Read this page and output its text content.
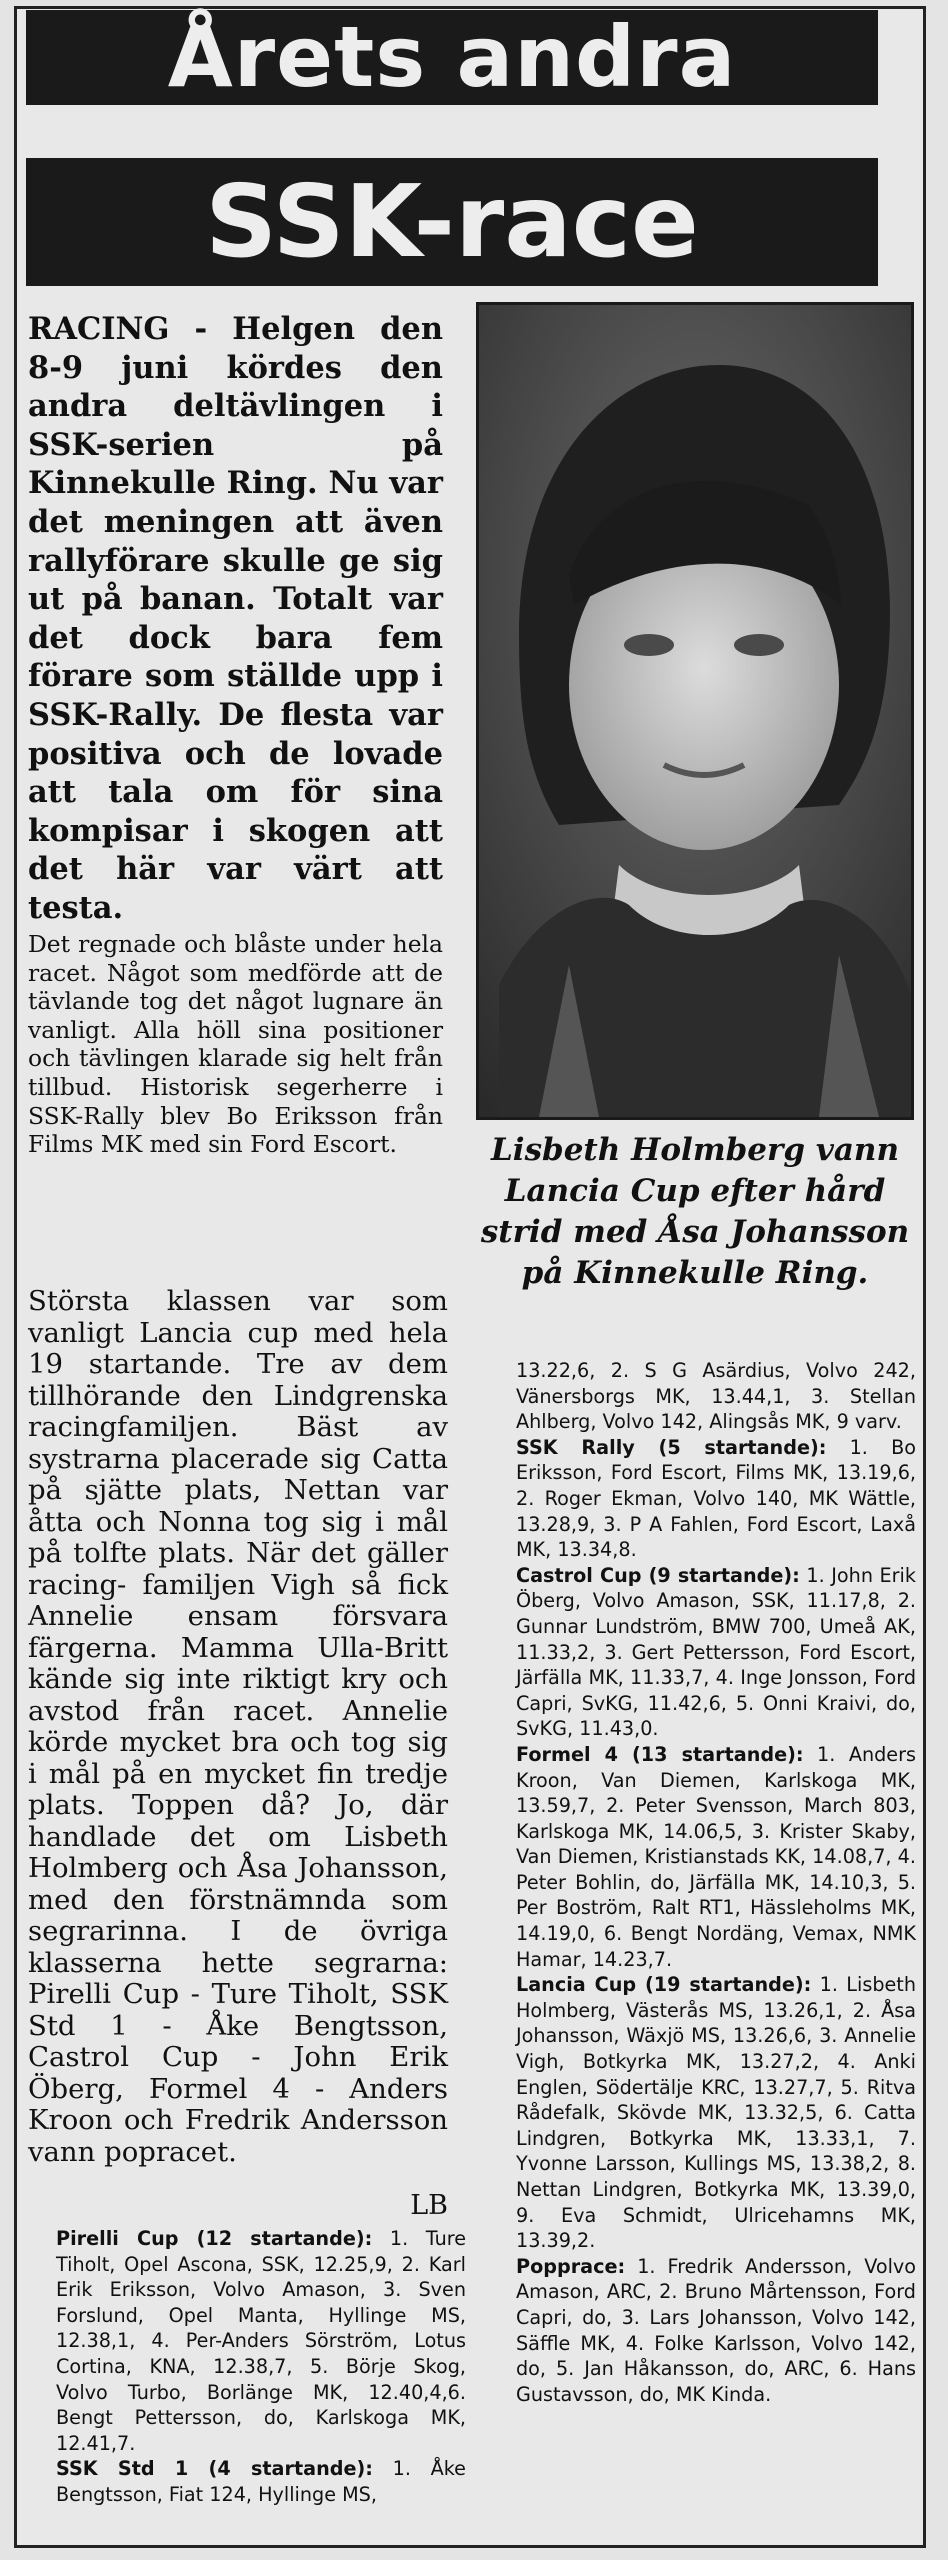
Årets andra
SSK-race

RACING - Helgen den 8-9 juni kördes den andra deltävlingen i SSK-serien på Kinnekulle Ring. Nu var det meningen att även rallyförare skulle ge sig ut på banan. Totalt var det dock bara fem förare som ställde upp i SSK-Rally. De flesta var positiva och de lovade att tala om för sina kompisar i skogen att det här var värt att testa.

Det regnade och blåste under hela racet. Något som medförde att de tävlande tog det något lugnare än vanligt. Alla höll sina positioner och tävlingen klarade sig helt från tillbud. Historisk segerherre i SSK-Rally blev Bo Eriksson från Films MK med sin Ford Escort.

Största klassen var som vanligt Lancia cup med hela 19 startande. Tre av dem tillhörande den Lindgrenska racingfamiljen. Bäst av systrarna placerade sig Catta på sjätte plats, Nettan var åtta och Nonna tog sig i mål på tolfte plats. När det gäller racing- familjen Vigh så fick Annelie ensam försvara färgerna. Mamma Ulla-Britt kände sig inte riktigt kry och avstod från racet. Annelie körde mycket bra och tog sig i mål på en mycket fin tredje plats. Toppen då? Jo, där handlade det om Lisbeth Holmberg och Åsa Johansson, med den förstnämnda som segrarinna. I de övriga klasserna hette segrarna: Pirelli Cup - Ture Tiholt, SSK Std 1 - Åke Bengtsson, Castrol Cup - John Erik Öberg, Formel 4 - Anders Kroon och Fredrik Andersson vann popracet.

LB

Lisbeth Holmberg vann Lancia Cup efter hård strid med Åsa Johansson på Kinnekulle Ring.

Pirelli Cup (12 startande): 1. Ture Tiholt, Opel Ascona, SSK, 12.25,9, 2. Karl Erik Eriksson, Volvo Amason, 3. Sven Forslund, Opel Manta, Hyllinge MS, 12.38,1, 4. Per-Anders Sörström, Lotus Cortina, KNA, 12.38,7, 5. Börje Skog, Volvo Turbo, Borlänge MK, 12.40,4,6. Bengt Pettersson, do, Karlskoga MK, 12.41,7.
SSK Std 1 (4 startande): 1. Åke Bengtsson, Fiat 124, Hyllinge MS,
13.22,6, 2. S G Asärdius, Volvo 242, Vänersborgs MK, 13.44,1, 3. Stellan Ahlberg, Volvo 142, Alingsås MK, 9 varv.
SSK Rally (5 startande): 1. Bo Eriksson, Ford Escort, Films MK, 13.19,6, 2. Roger Ekman, Volvo 140, MK Wättle, 13.28,9, 3. P A Fahlen, Ford Escort, Laxå MK, 13.34,8.
Castrol Cup (9 startande): 1. John Erik Öberg, Volvo Amason, SSK, 11.17,8, 2. Gunnar Lundström, BMW 700, Umeå AK, 11.33,2, 3. Gert Pettersson, Ford Escort, Järfälla MK, 11.33,7, 4. Inge Jonsson, Ford Capri, SvKG, 11.42,6, 5. Onni Kraivi, do, SvKG, 11.43,0.
Formel 4 (13 startande): 1. Anders Kroon, Van Diemen, Karlskoga MK, 13.59,7, 2. Peter Svensson, March 803, Karlskoga MK, 14.06,5, 3. Krister Skaby, Van Diemen, Kristianstads KK, 14.08,7, 4. Peter Bohlin, do, Järfälla MK, 14.10,3, 5. Per Boström, Ralt RT1, Hässleholms MK, 14.19,0, 6. Bengt Nordäng, Vemax, NMK Hamar, 14.23,7.
Lancia Cup (19 startande): 1. Lisbeth Holmberg, Västerås MS, 13.26,1, 2. Åsa Johansson, Wäxjö MS, 13.26,6, 3. Annelie Vigh, Botkyrka MK, 13.27,2, 4. Anki Englen, Södertälje KRC, 13.27,7, 5. Ritva Rådefalk, Skövde MK, 13.32,5, 6. Catta Lindgren, Botkyrka MK, 13.33,1, 7. Yvonne Larsson, Kullings MS, 13.38,2, 8. Nettan Lindgren, Botkyrka MK, 13.39,0, 9. Eva Schmidt, Ulricehamns MK, 13.39,2.
Popprace: 1. Fredrik Andersson, Volvo Amason, ARC, 2. Bruno Mårtensson, Ford Capri, do, 3. Lars Johansson, Volvo 142, Säffle MK, 4. Folke Karlsson, Volvo 142, do, 5. Jan Håkansson, do, ARC, 6. Hans Gustavsson, do, MK Kinda.
